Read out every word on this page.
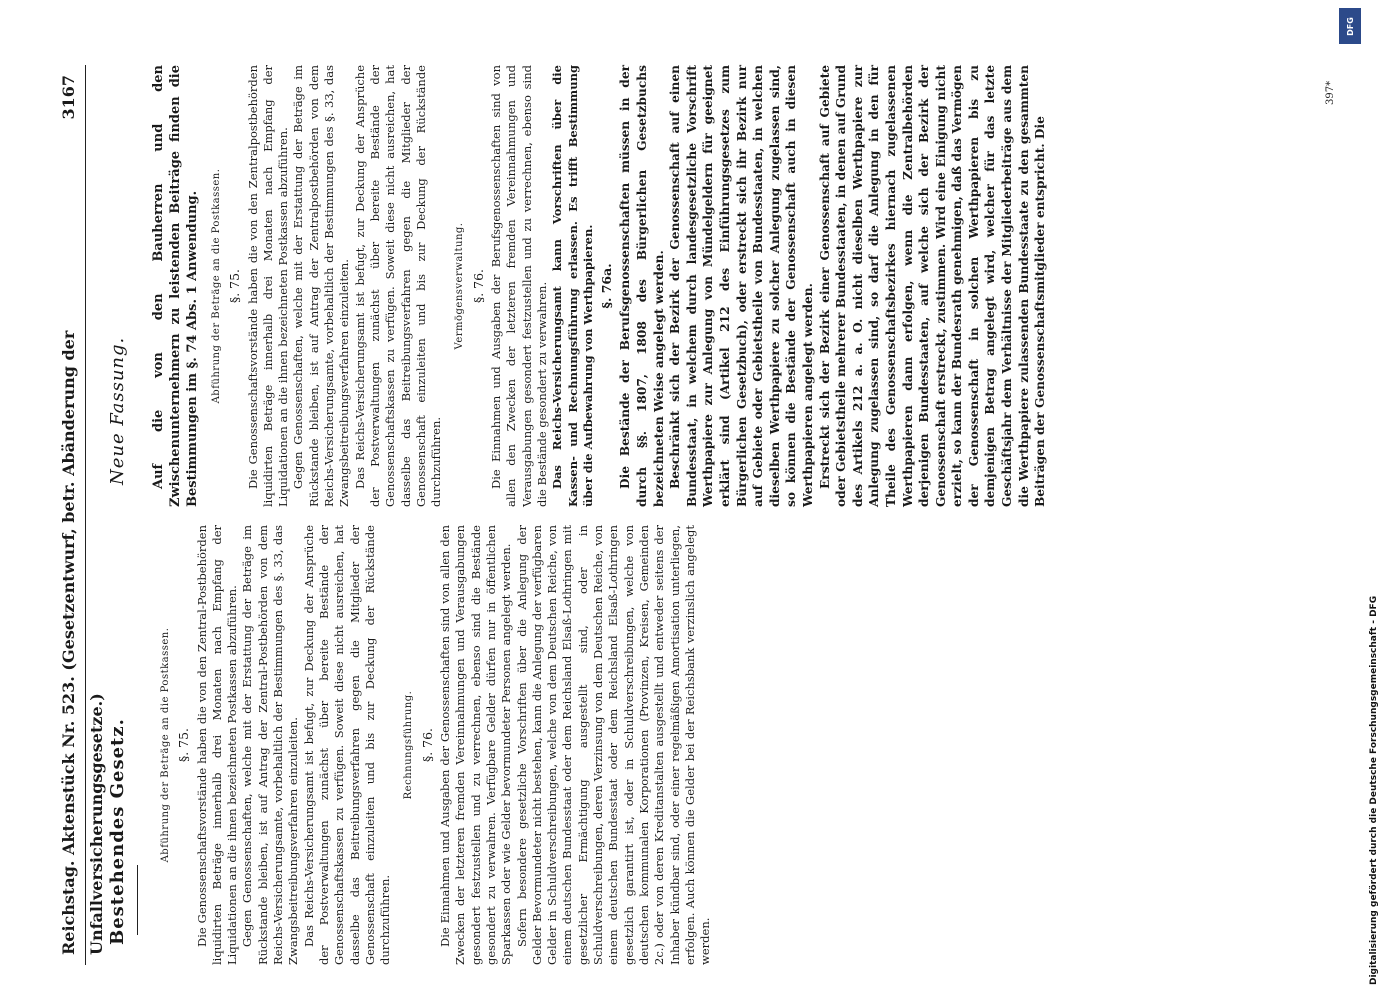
Reichstag. Aktenstück Nr. 523. (Gesetzentwurf, betr. Abänderung der Unfallversicherungsgesetze.)
3167
Bestehendes Gesetz.
Neue Fassung.
Abführung der Beträge an die Postkassen. §. 75. Die Genossenschaftsvorstände haben die von den Zentral-Postbehörden liquidirten Beträge innerhalb drei Monaten nach Empfang der Liquidationen an die ihnen bezeichneten Postkassen abzuführen. Gegen Genossenschaften, welche mit der Erstattung der Beträge im Rückstande bleiben, ist auf Antrag der Zentral-Postbehörden von dem Reichs-Versicherungsamte, vorbehaltlich der Bestimmungen des §. 33, das Zwangsbeitreibungsverfahren einzuleiten. Das Reichs-Versicherungsamt ist befugt, zur Deckung der Ansprüche der Postverwaltungen zunächst über bereite Bestände der Genossenschaftskassen zu verfügen. Soweit diese nicht ausreichen, hat dasselbe das Beitreibungsverfahren gegen die Mitglieder der Genossenschaft einzuleiten und bis zur Deckung der Rückstände durchzuführen.

Rechnungsführung. §. 76. Die Einnahmen und Ausgaben der Genossenschaften sind von allen den Zwecken der letzteren fremden Vereinnahmungen und Verausgabungen gesondert festzustellen und zu verrechnen, ebenso sind die Bestände gesondert zu verwahren. Verfügbare Gelder dürfen nur in öffentlichen Sparkassen oder wie Gelder bevormundeter Personen angelegt werden. Sofern besondere gesetzliche Vorschriften über die Anlegung der Gelder Bevormundeter nicht bestehen, kann die Anlegung der verfügbaren Gelder in Schuldverschreibungen, welche von dem Deutschen Reiche, von einem deutschen Bundesstaat oder dem Reichsland Elsaß-Lothringen mit gesetzlicher Ermächtigung ausgestellt sind, oder in Schuldverschreibungen, deren Verzinsung von dem Deutschen Reiche, von einem deutschen Bundesstaat oder dem Reichsland Elsaß-Lothringen gesetzlich garantirt ist, oder in Schuldverschreibungen, welche von deutschen kommunalen Korporationen (Provinzen, Kreisen, Gemeinden 2c.) oder von deren Kreditanstalten ausgestellt und entweder seitens der Inhaber kündbar sind, oder einer regelmäßigen Amortisation unterliegen, erfolgen. Auch können die Gelder bei der Reichsbank verzinslich angelegt werden.

Auf die von den Bauherren und den Zwischenunternehmern zu leistenden Beiträge finden die Bestimmungen im §. 74 Abs. 1 Anwendung. Abführung der Beträge an die Postkassen. §. 75. Die Genossenschaftsvorstände haben die von den Zentralpostbehörden liquidirten Beträge innerhalb drei Monaten nach Empfang der Liquidationen an die ihnen bezeichneten Postkassen abzuführen. Gegen Genossenschaften, welche mit der Erstattung der Beträge im Rückstande bleiben, ist auf Antrag der Zentralpostbehörden von dem Reichs-Versicherungsamte, vorbehaltlich der Bestimmungen des §. 33, das Zwangsbeitreibungsverfahren einzuleiten. Das Reichs-Versicherungsamt ist befugt, zur Deckung der Ansprüche der Postverwaltungen zunächst über bereite Bestände der Genossenschaftskassen zu verfügen. Soweit diese nicht ausreichen, hat dasselbe das Beitreibungsverfahren gegen die Mitglieder der Genossenschaft einzuleiten und bis zur Deckung der Rückstände durchzuführen.

Vermögensverwaltung. §. 76. Die Einnahmen und Ausgaben der Berufsgenossenschaften sind von allen den Zwecken der letzteren fremden Vereinnahmungen und Verausgabungen gesondert festzustellen und zu verrechnen, ebenso sind die Bestände gesondert zu verwahren. Das Reichs-Versicherungsamt kann Vorschriften über die Kassen- und Rechnungsführung erlassen. Es trifft Bestimmung über die Aufbewahrung von Werthpapieren. §. 76a. Die Bestände der Berufsgenossenschaften müssen in der durch §§. 1807, 1808 des Bürgerlichen Gesetzbuchs bezeichneten Weise angelegt werden. Beschränkt sich der Bezirk der Genossenschaft auf einen Bundesstaat, in welchem durch landesgesetzliche Vorschrift Werthpapiere zur Anlegung von Mündelgeldern für geeignet erklärt sind (Artikel 212 des Einführungsgesetzes zum Bürgerlichen Gesetzbuch), oder erstreckt sich ihr Bezirk nur auf Gebiete oder Gebietstheile von Bundesstaaten, in welchen dieselben Werthpapiere zu solcher Anlegung zugelassen sind, so können die Bestände der Genossenschaft auch in diesen Werthpapieren angelegt werden. Erstreckt sich der Bezirk einer Genossenschaft auf Gebiete oder Gebietstheile mehrerer Bundesstaaten, in denen auf Grund des Artikels 212 a. a. O. nicht dieselben Werthpapiere zur Anlegung zugelassen sind, so darf die Anlegung in den für Theile des Genossenschaftsbezirkes hiernach zugelassenen Werthpapieren dann erfolgen, wenn die Zentralbehörden derjenigen Bundesstaaten, auf welche sich der Bezirk der Genossenschaft erstreckt, zustimmen. Wird eine Einigung nicht erzielt, so kann der Bundesrath genehmigen, daß das Vermögen der Genossenschaft in solchen Werthpapieren bis zu demjenigen Betrag angelegt wird, welcher für das letzte Geschäftsjahr dem Verhältnisse der Mitgliederbeiträge aus dem die Werthpapiere zulassenden Bundesstaate zu den gesammten Beiträgen der Genossenschaftsmitglieder entspricht. Die

397*
DFG
Digitalisierung gefördert durch die Deutsche Forschungsgemeinschaft - DFG
